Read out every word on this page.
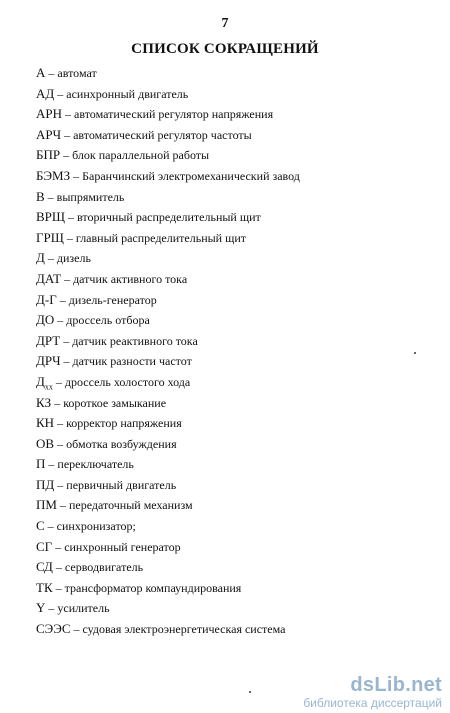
7
СПИСОК СОКРАЩЕНИЙ
А – автомат
АД – асинхронный двигатель
АРН – автоматический регулятор напряжения
АРЧ – автоматический регулятор частоты
БПР – блок параллельной работы
БЭМЗ – Баранчинский электромеханический завод
В – выпрямитель
ВРЩ – вторичный распределительный щит
ГРЩ – главный распределительный щит
Д – дизель
ДАТ – датчик активного тока
Д-Г – дизель-генератор
ДО – дроссель отбора
ДРТ – датчик реактивного тока
ДРЧ – датчик разности частот
$Д_{хх}$ – дроссель холостого хода
КЗ – короткое замыкание
КН – корректор напряжения
ОВ – обмотка возбуждения
П – переключатель
ПД – первичный двигатель
ПМ – передаточный механизм
С – синхронизатор;
СГ – синхронный генератор
СД – серводвигатель
ТК – трансформатор компаундирования
Y – усилитель
СЭЭС – судовая электроэнергетическая система
dsLib.net
библиотека диссертаций
